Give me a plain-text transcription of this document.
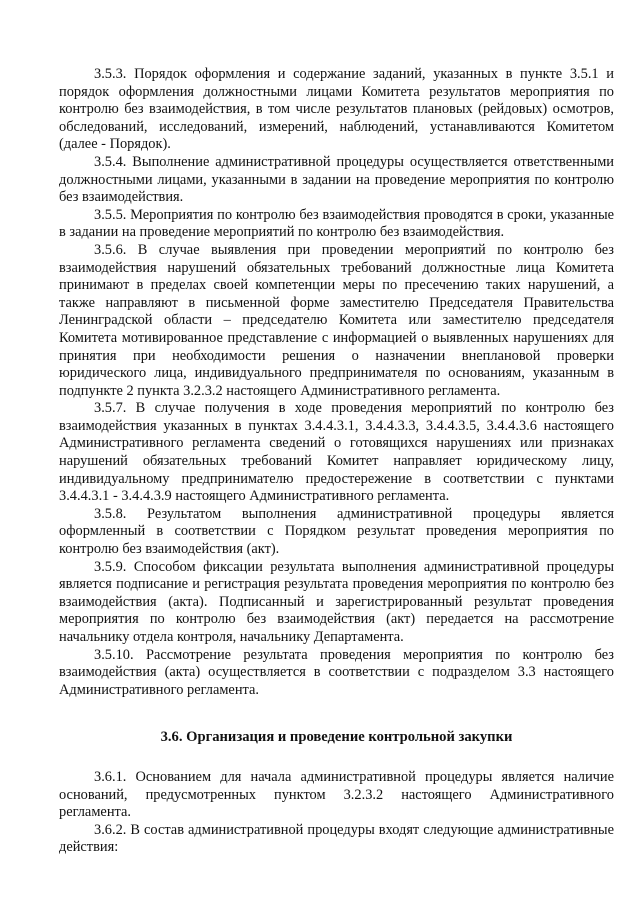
3.5.3. Порядок оформления и содержание заданий, указанных в пункте 3.5.1 и порядок оформления должностными лицами Комитета результатов мероприятия по контролю без взаимодействия, в том числе результатов плановых (рейдовых) осмотров, обследований, исследований, измерений, наблюдений, устанавливаются Комитетом (далее - Порядок).

3.5.4. Выполнение административной процедуры осуществляется ответственными должностными лицами, указанными в задании на проведение мероприятия по контролю без взаимодействия.

3.5.5. Мероприятия по контролю без взаимодействия проводятся в сроки, указанные в задании на проведение мероприятий по контролю без взаимодействия.

3.5.6. В случае выявления при проведении мероприятий по контролю без взаимодействия нарушений обязательных требований должностные лица Комитета принимают в пределах своей компетенции меры по пресечению таких нарушений, а также направляют в письменной форме заместителю Председателя Правительства Ленинградской области – председателю Комитета или заместителю председателя Комитета мотивированное представление с информацией о выявленных нарушениях для принятия при необходимости решения о назначении внеплановой проверки юридического лица, индивидуального предпринимателя по основаниям, указанным в подпункте 2 пункта 3.2.3.2 настоящего Административного регламента.

3.5.7. В случае получения в ходе проведения мероприятий по контролю без взаимодействия указанных в пунктах 3.4.4.3.1, 3.4.4.3.3, 3.4.4.3.5, 3.4.4.3.6 настоящего Административного регламента сведений о готовящихся нарушениях или признаках нарушений обязательных требований Комитет направляет юридическому лицу, индивидуальному предпринимателю предостережение в соответствии с пунктами 3.4.4.3.1 - 3.4.4.3.9 настоящего Административного регламента.

3.5.8. Результатом выполнения административной процедуры является оформленный в соответствии с Порядком результат проведения мероприятия по контролю без взаимодействия (акт).

3.5.9. Способом фиксации результата выполнения административной процедуры является подписание и регистрация результата проведения мероприятия по контролю без взаимодействия (акта). Подписанный и зарегистрированный результат проведения мероприятия по контролю без взаимодействия (акт) передается на рассмотрение начальнику отдела контроля, начальнику Департамента.

3.5.10. Рассмотрение результата проведения мероприятия по контролю без взаимодействия (акта) осуществляется в соответствии с подразделом 3.3 настоящего Административного регламента.

3.6. Организация и проведение контрольной закупки

3.6.1. Основанием для начала административной процедуры является наличие оснований, предусмотренных пунктом 3.2.3.2 настоящего Административного регламента.

3.6.2. В состав административной процедуры входят следующие административные действия:
